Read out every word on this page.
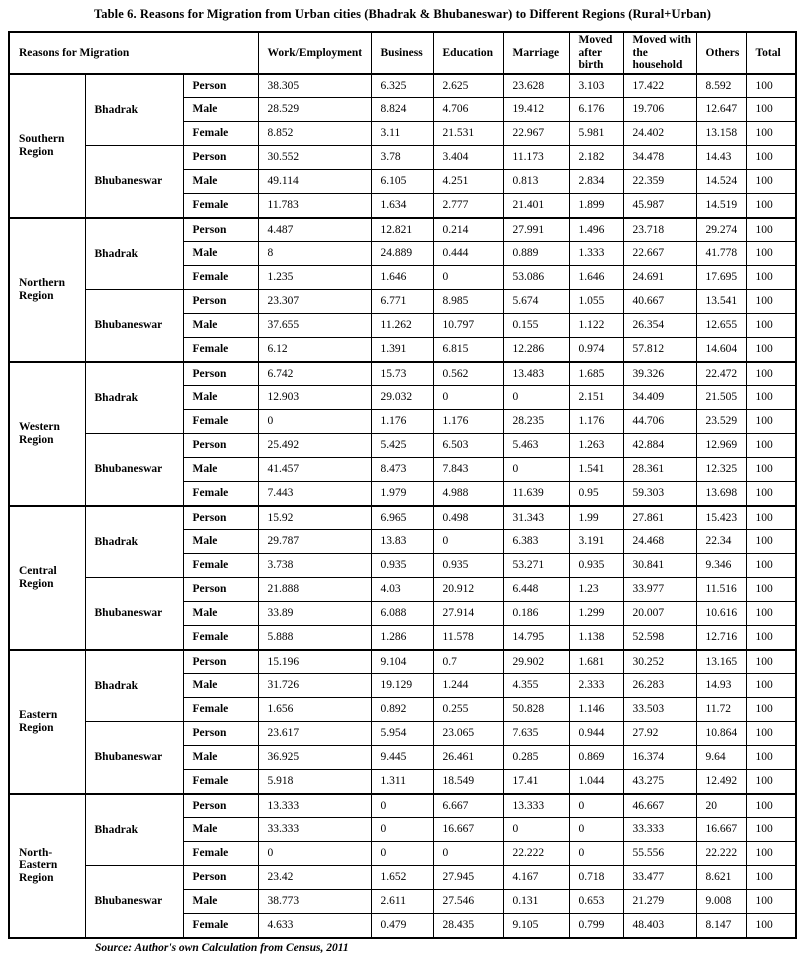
Table 6. Reasons for Migration from Urban cities (Bhadrak & Bhubaneswar) to Different Regions (Rural+Urban)
Reasons for Migration			Work/Employment	Business	Education	Marriage	Moved after birth	Moved with the household	Others	Total
Southern Region	Bhadrak	Person	38.305	6.325	2.625	23.628	3.103	17.422	8.592	100
		Male	28.529	8.824	4.706	19.412	6.176	19.706	12.647	100
		Female	8.852	3.11	21.531	22.967	5.981	24.402	13.158	100
	Bhubaneswar	Person	30.552	3.78	3.404	11.173	2.182	34.478	14.43	100
		Male	49.114	6.105	4.251	0.813	2.834	22.359	14.524	100
		Female	11.783	1.634	2.777	21.401	1.899	45.987	14.519	100
Northern Region	Bhadrak	Person	4.487	12.821	0.214	27.991	1.496	23.718	29.274	100
		Male	8	24.889	0.444	0.889	1.333	22.667	41.778	100
		Female	1.235	1.646	0	53.086	1.646	24.691	17.695	100
	Bhubaneswar	Person	23.307	6.771	8.985	5.674	1.055	40.667	13.541	100
		Male	37.655	11.262	10.797	0.155	1.122	26.354	12.655	100
		Female	6.12	1.391	6.815	12.286	0.974	57.812	14.604	100
Western Region	Bhadrak	Person	6.742	15.73	0.562	13.483	1.685	39.326	22.472	100
		Male	12.903	29.032	0	0	2.151	34.409	21.505	100
		Female	0	1.176	1.176	28.235	1.176	44.706	23.529	100
	Bhubaneswar	Person	25.492	5.425	6.503	5.463	1.263	42.884	12.969	100
		Male	41.457	8.473	7.843	0	1.541	28.361	12.325	100
		Female	7.443	1.979	4.988	11.639	0.95	59.303	13.698	100
Central Region	Bhadrak	Person	15.92	6.965	0.498	31.343	1.99	27.861	15.423	100
		Male	29.787	13.83	0	6.383	3.191	24.468	22.34	100
		Female	3.738	0.935	0.935	53.271	0.935	30.841	9.346	100
	Bhubaneswar	Person	21.888	4.03	20.912	6.448	1.23	33.977	11.516	100
		Male	33.89	6.088	27.914	0.186	1.299	20.007	10.616	100
		Female	5.888	1.286	11.578	14.795	1.138	52.598	12.716	100
Eastern Region	Bhadrak	Person	15.196	9.104	0.7	29.902	1.681	30.252	13.165	100
		Male	31.726	19.129	1.244	4.355	2.333	26.283	14.93	100
		Female	1.656	0.892	0.255	50.828	1.146	33.503	11.72	100
	Bhubaneswar	Person	23.617	5.954	23.065	7.635	0.944	27.92	10.864	100
		Male	36.925	9.445	26.461	0.285	0.869	16.374	9.64	100
		Female	5.918	1.311	18.549	17.41	1.044	43.275	12.492	100
North-Eastern Region	Bhadrak	Person	13.333	0	6.667	13.333	0	46.667	20	100
		Male	33.333	0	16.667	0	0	33.333	16.667	100
		Female	0	0	0	22.222	0	55.556	22.222	100
	Bhubaneswar	Person	23.42	1.652	27.945	4.167	0.718	33.477	8.621	100
		Male	38.773	2.611	27.546	0.131	0.653	21.279	9.008	100
		Female	4.633	0.479	28.435	9.105	0.799	48.403	8.147	100
Source: Author's own Calculation from Census, 2011
